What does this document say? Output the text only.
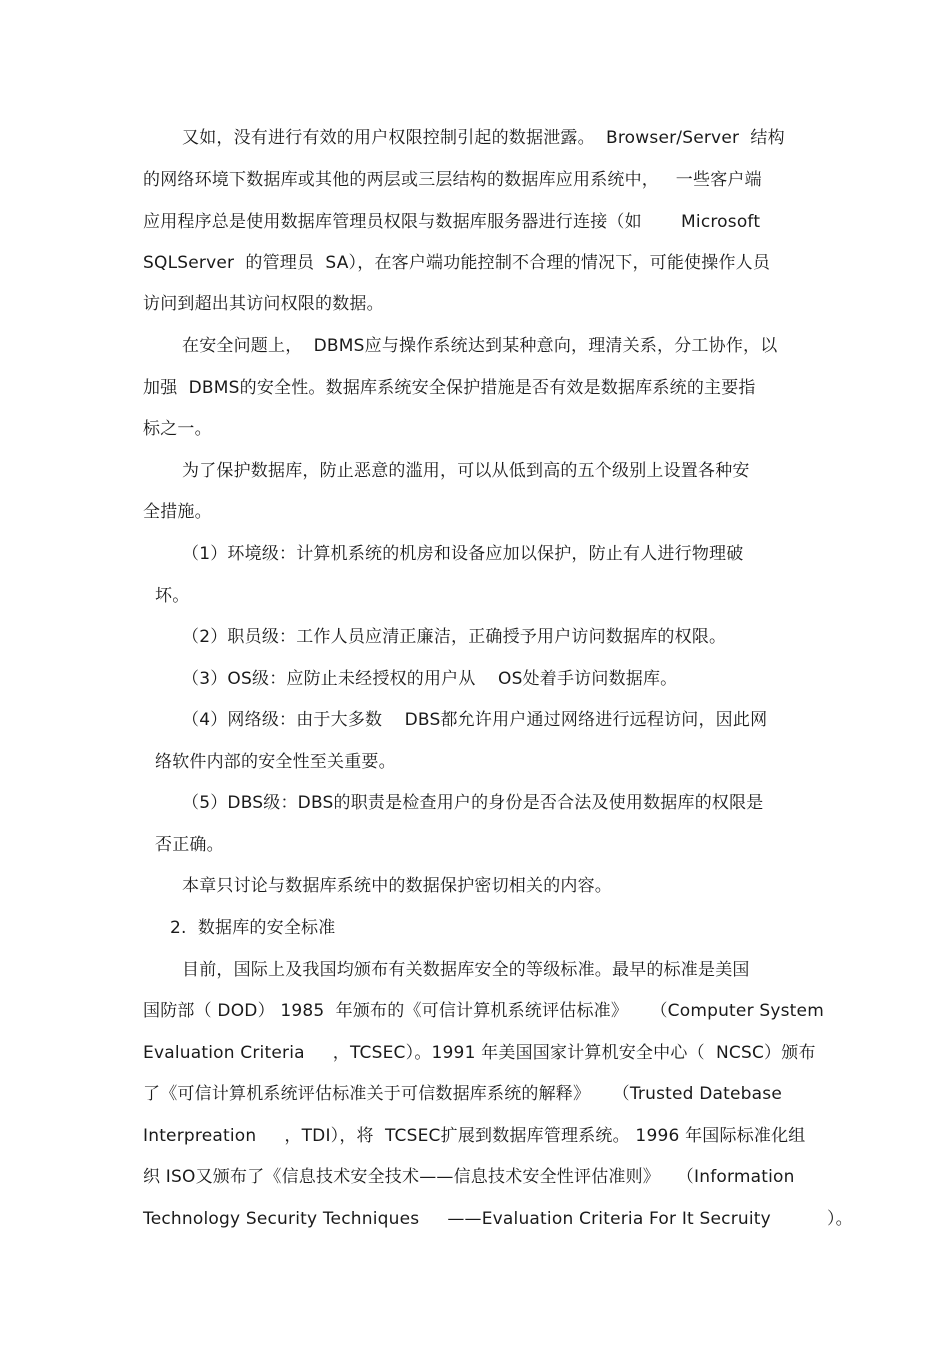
又如，没有进行有效的用户权限控制引起的数据泄露。  Browser/Server  结构
的网络环境下数据库或其他的两层或三层结构的数据库应用系统中，   一些客户端
应用程序总是使用数据库管理员权限与数据库服务器进行连接（如       Microsoft
SQLServer  的管理员  SA），在客户端功能控制不合理的情况下，可能使操作人员
访问到超出其访问权限的数据。
在安全问题上，  DBMS应与操作系统达到某种意向，理清关系，分工协作，以
加强  DBMS的安全性。数据库系统安全保护措施是否有效是数据库系统的主要指
标之一。
为了保护数据库，防止恶意的滥用，可以从低到高的五个级别上设置各种安
全措施。
（1）环境级：计算机系统的机房和设备应加以保护，防止有人进行物理破
坏。
（2）职员级：工作人员应清正廉洁，正确授予用户访问数据库的权限。
（3）OS级：应防止未经授权的用户从    OS处着手访问数据库。
（4）网络级：由于大多数    DBS都允许用户通过网络进行远程访问，因此网
络软件内部的安全性至关重要。
（5）DBS级：DBS的职责是检查用户的身份是否合法及使用数据库的权限是
否正确。
本章只讨论与数据库系统中的数据保护密切相关的内容。
2.  数据库的安全标准
目前，国际上及我国均颁布有关数据库安全的等级标准。最早的标准是美国
国防部（ DOD） 1985  年颁布的《可信计算机系统评估标准》    （Computer System
Evaluation Criteria     ，TCSEC）。1991 年美国国家计算机安全中心（  NCSC）颁布
了《可信计算机系统评估标准关于可信数据库系统的解释》    （Trusted Datebase
Interpreation     ，TDI），将  TCSEC扩展到数据库管理系统。 1996 年国际标准化组
织 ISO又颁布了《信息技术安全技术——信息技术安全性评估准则》   （Information
Technology Security Techniques     ——Evaluation Criteria For It Secruity          ）。
